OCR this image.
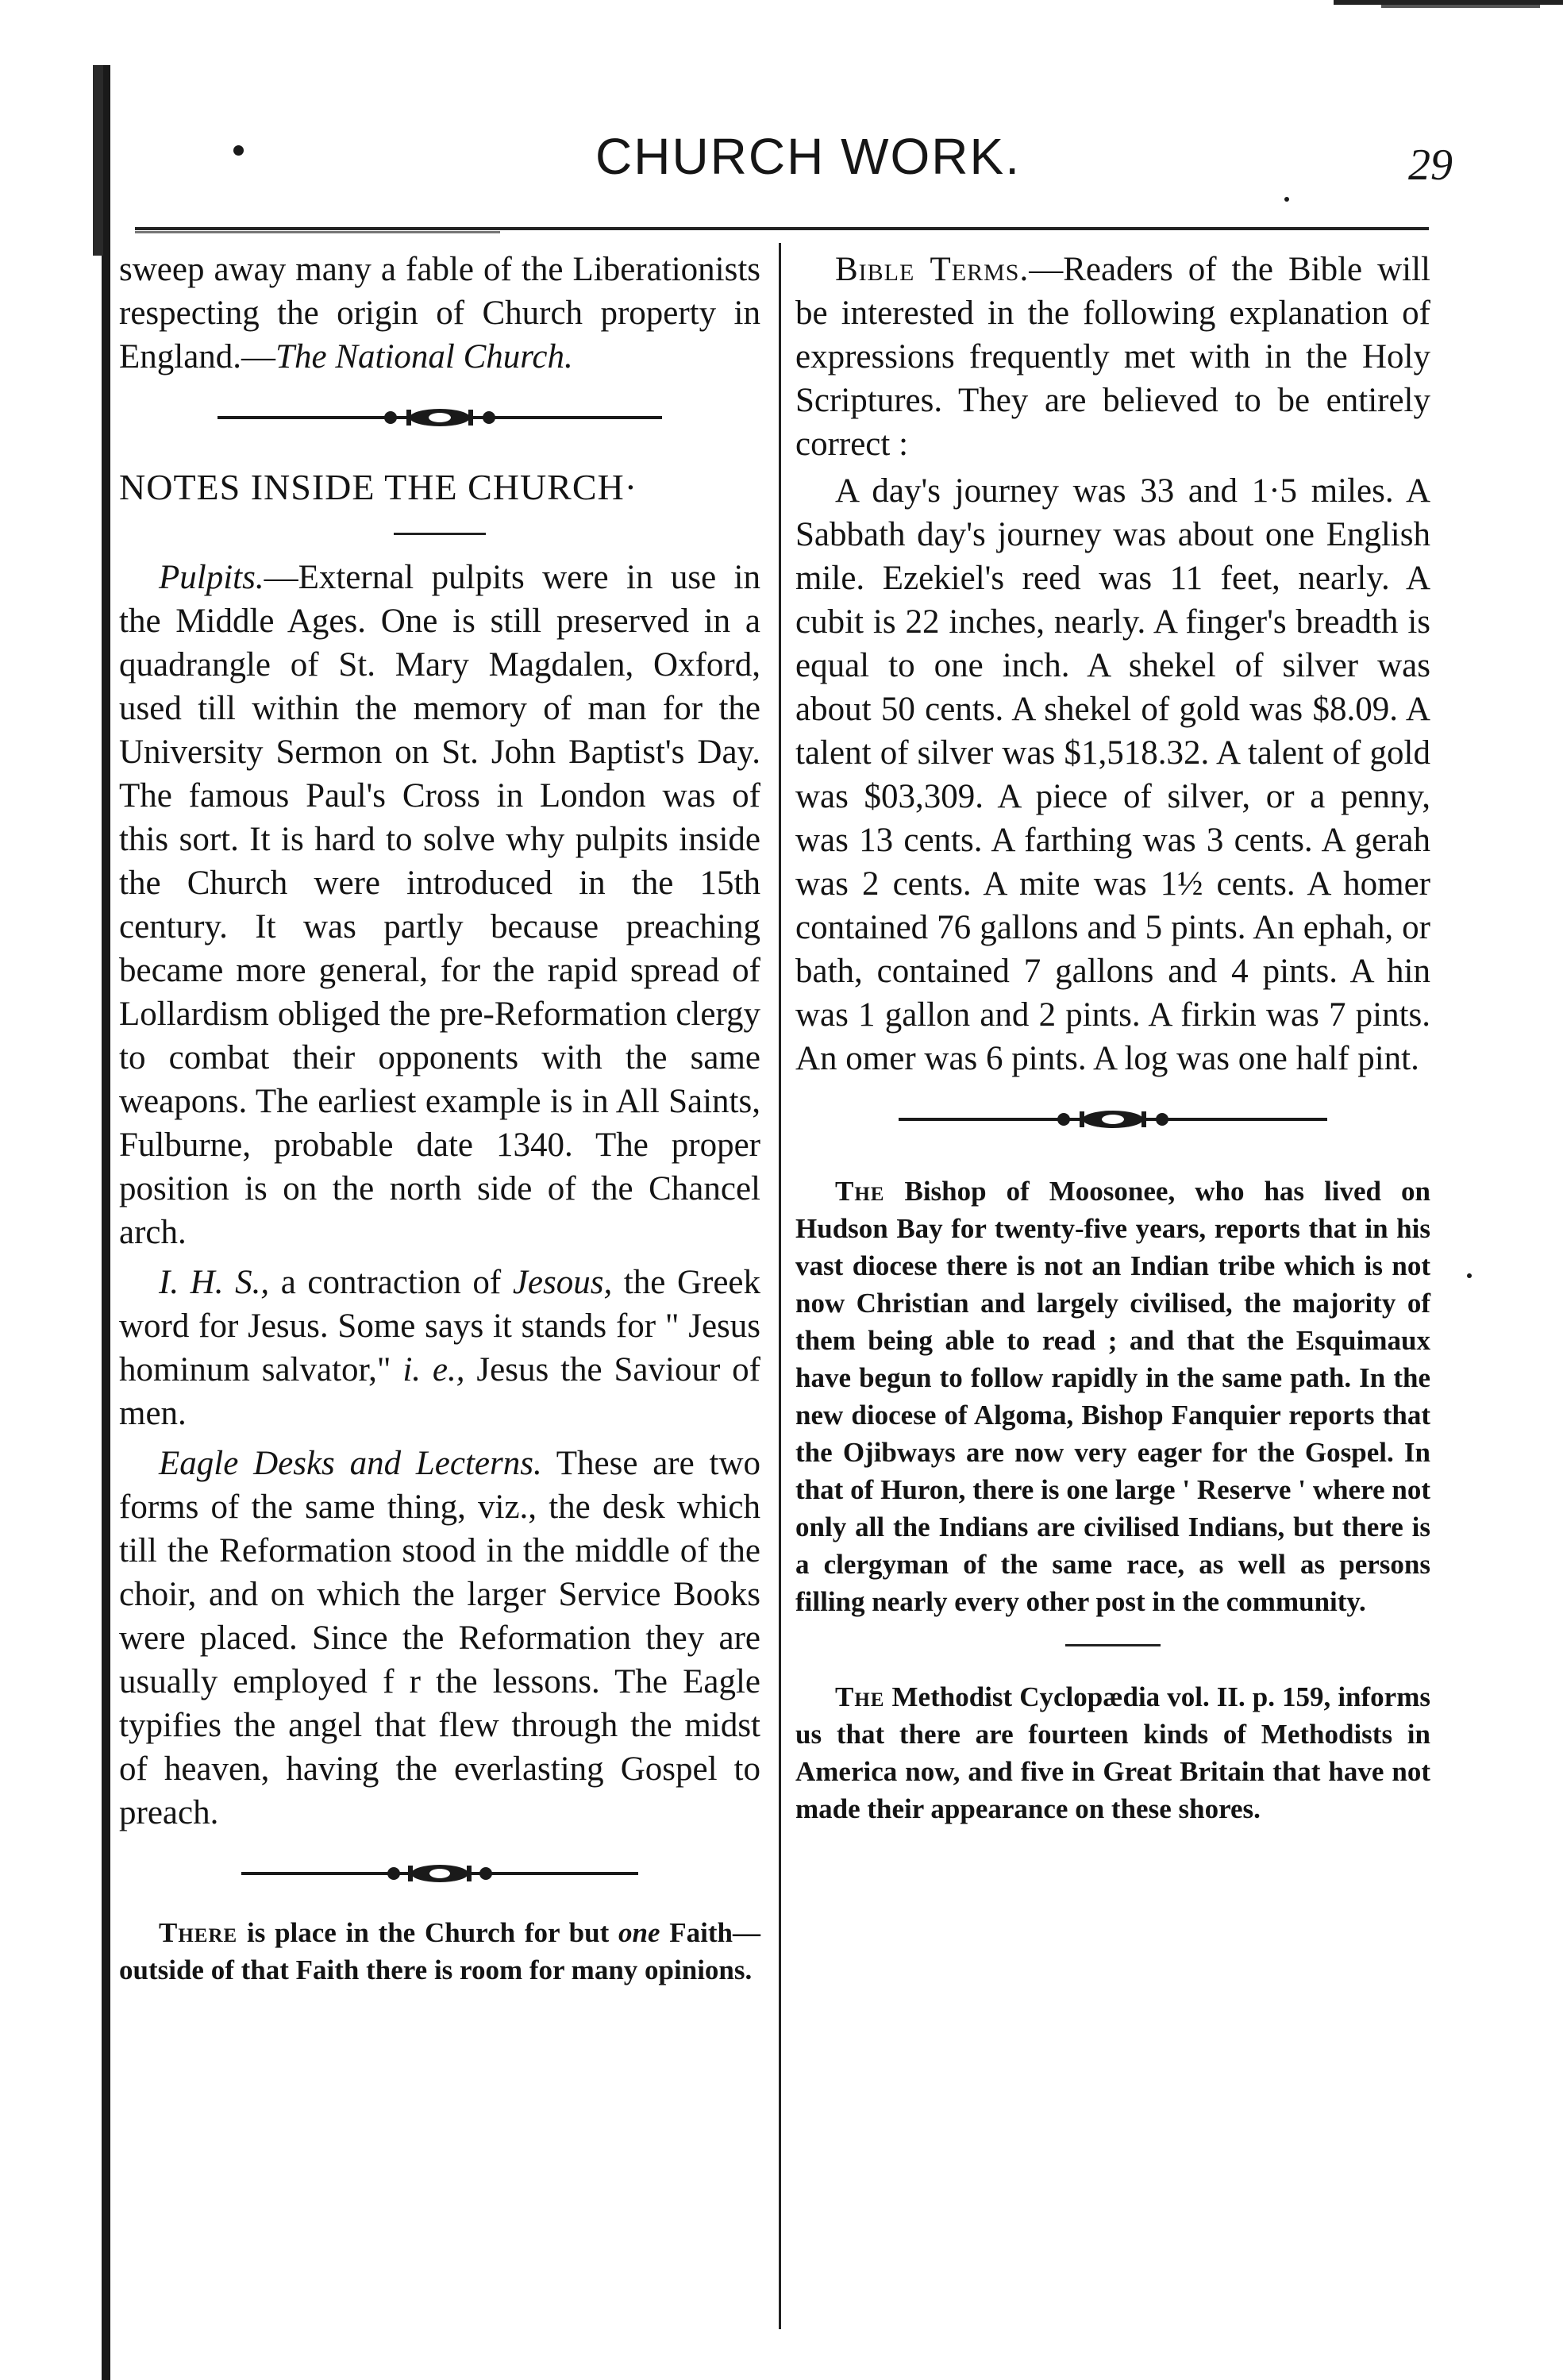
CHURCH WORK.	29

sweep away many a fable of the Liberationists respecting the origin of Church property in England.—The National Church.

NOTES INSIDE THE CHURCH·

Pulpits.—External pulpits were in use in the Middle Ages. One is still preserved in a quadrangle of St. Mary Magdalen, Oxford, used till within the memory of man for the University Sermon on St. John Baptist's Day. The famous Paul's Cross in London was of this sort. It is hard to solve why pulpits inside the Church were introduced in the 15th century. It was partly because preaching became more general, for the rapid spread of Lollardism obliged the pre-Reformation clergy to combat their opponents with the same weapons. The earliest example is in All Saints, Fulburne, probable date 1340. The proper position is on the north side of the Chancel arch.

I. H. S., a contraction of Jesous, the Greek word for Jesus. Some says it stands for " Jesus hominum salvator," i. e., Jesus the Saviour of men.

Eagle Desks and Lecterns. These are two forms of the same thing, viz., the desk which till the Reformation stood in the middle of the choir, and on which the larger Service Books were placed. Since the Reformation they are usually employed f r the lessons. The Eagle typifies the angel that flew through the midst of heaven, having the everlasting Gospel to preach.

There is place in the Church for but one Faith—outside of that Faith there is room for many opinions.

Bible Terms.—Readers of the Bible will be interested in the following explanation of expressions frequently met with in the Holy Scriptures. They are believed to be entirely correct :

A day's journey was 33 and 1·5 miles. A Sabbath day's journey was about one English mile. Ezekiel's reed was 11 feet, nearly. A cubit is 22 inches, nearly. A finger's breadth is equal to one inch. A shekel of silver was about 50 cents. A shekel of gold was $8.09. A talent of silver was $1,518.32. A talent of gold was $03,309. A piece of silver, or a penny, was 13 cents. A farthing was 3 cents. A gerah was 2 cents. A mite was 1½ cents. A homer contained 76 gallons and 5 pints. An ephah, or bath, contained 7 gallons and 4 pints. A hin was 1 gallon and 2 pints. A firkin was 7 pints. An omer was 6 pints. A log was one half pint.

The Bishop of Moosonee, who has lived on Hudson Bay for twenty-five years, reports that in his vast diocese there is not an Indian tribe which is not now Christian and largely civilised, the majority of them being able to read ; and that the Esquimaux have begun to follow rapidly in the same path. In the new diocese of Algoma, Bishop Fanquier reports that the Ojibways are now very eager for the Gospel. In that of Huron, there is one large ' Reserve ' where not only all the Indians are civilised Indians, but there is a clergyman of the same race, as well as persons filling nearly every other post in the community.

The Methodist Cyclopædia vol. II. p. 159, informs us that there are fourteen kinds of Methodists in America now, and five in Great Britain that have not made their appearance on these shores.
